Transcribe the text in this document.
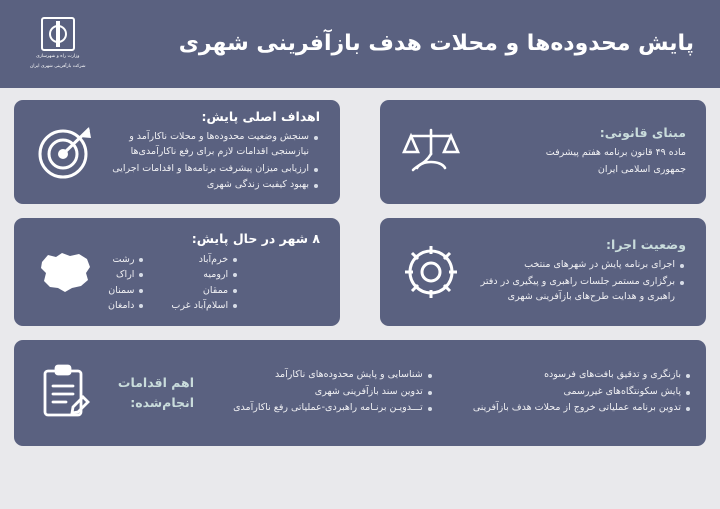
پایش محدوده‌ها و محلات هدف بازآفرینی شهری
وزارت راه و شهرسازی
شرکت بازآفرینی شهری ایران
اهداف اصلی پایش:
سنجش وضعیت محدوده‌ها و محلات ناکارآمد و نیازسنجی اقدامات لازم برای رفع ناکارآمدی‌ها
ارزیابی میزان پیشرفت برنامه‌ها و اقدامات اجرایی
بهبود کیفیت زندگی شهری
مبنای قانونی:
ماده ۴۹ قانون برنامه هفتم پیشرفت
جمهوری اسلامی ایران
۸ شهر در حال پایش:
خرم‌آباد
ارومیه
ممقان
اسلام‌آباد غرب
رشت
اراک
سمنان
دامغان
وضعیت اجرا:
اجرای برنامه پایش در شهرهای منتخب
برگزاری مستمر جلسات راهبری و پیگیری در دفتر راهبری و هدایت طرح‌های بازآفرینی شهری
اهم اقدامات انجام‌شده:
شناسایی و پایش محدوده‌های ناکارآمد
تدوین سند بازآفرینی شهری
تـــدویـن برنـامه راهبردی-عملیاتی رفع ناکارآمدی
بازنگری و تدقیق بافت‌های فرسوده
پایش سکونتگاه‌های غیررسمی
تدوین برنامه عملیاتی خروج از محلات هدف بازآفرینی
